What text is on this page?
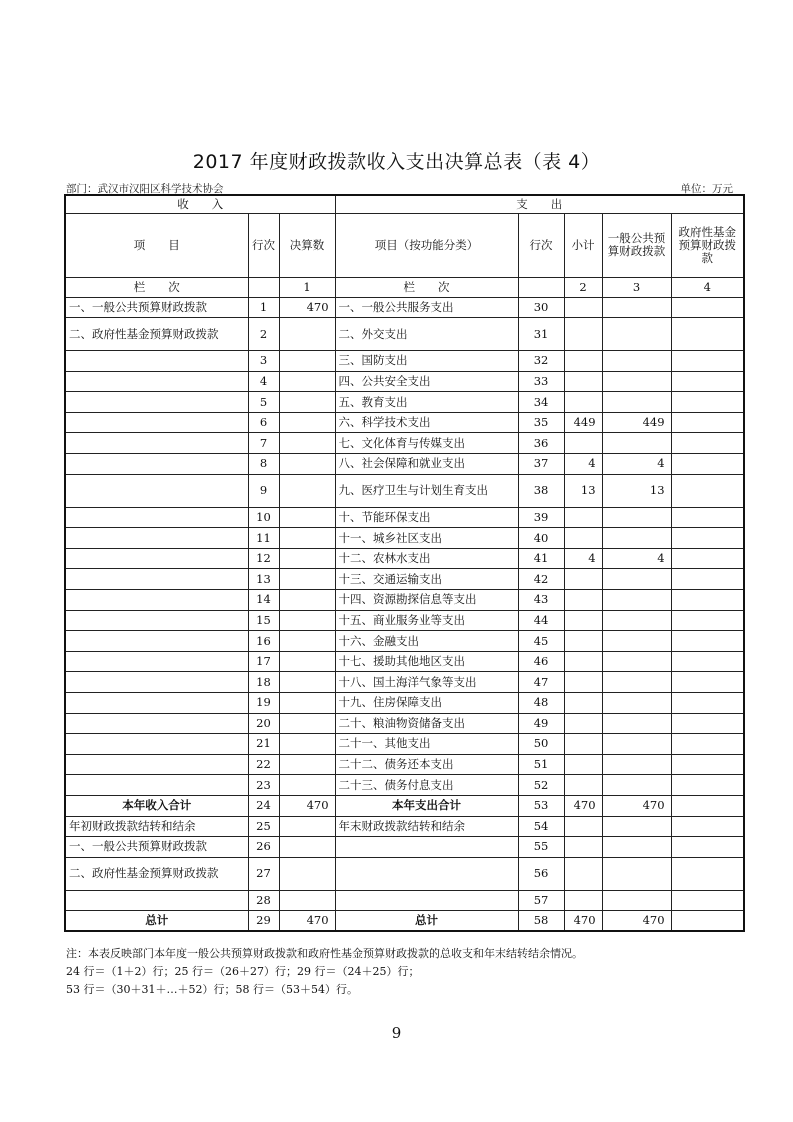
2017 年度财政拨款收入支出决算总表（表 4）
部门：武汉市汉阳区科学技术协会	单位：万元
收　　入			支　　出				
项　　目	行次	决算数	项目（按功能分类）	行次	小计	一般公共预算财政拨款	政府性基金预算财政拨款
栏　　次		1	栏　　次		2	3	4
一、一般公共预算财政拨款	1	470	一、一般公共服务支出	30			
二、政府性基金预算财政拨款	2		二、外交支出	31			
	3		三、国防支出	32			
	4		四、公共安全支出	33			
	5		五、教育支出	34			
	6		六、科学技术支出	35	449	449	
	7		七、文化体育与传媒支出	36			
	8		八、社会保障和就业支出	37	4	4	
	9		九、医疗卫生与计划生育支出	38	13	13	
	10		十、节能环保支出	39			
	11		十一、城乡社区支出	40			
	12		十二、农林水支出	41	4	4	
	13		十三、交通运输支出	42			
	14		十四、资源勘探信息等支出	43			
	15		十五、商业服务业等支出	44			
	16		十六、金融支出	45			
	17		十七、援助其他地区支出	46			
	18		十八、国土海洋气象等支出	47			
	19		十九、住房保障支出	48			
	20		二十、粮油物资储备支出	49			
	21		二十一、其他支出	50			
	22		二十二、债务还本支出	51			
	23		二十三、债务付息支出	52			
本年收入合计	24	470	本年支出合计	53	470	470	
年初财政拨款结转和结余	25		年末财政拨款结转和结余	54			
一、一般公共预算财政拨款	26			55			
二、政府性基金预算财政拨款	27			56			
	28			57			
总计	29	470	总计	58	470	470	
注：本表反映部门本年度一般公共预算财政拨款和政府性基金预算财政拨款的总收支和年末结转结余情况。
24 行＝（1＋2）行；25 行＝（26＋27）行；29 行＝（24＋25）行；
53 行＝（30＋31＋…＋52）行；58 行＝（53＋54）行。
9
